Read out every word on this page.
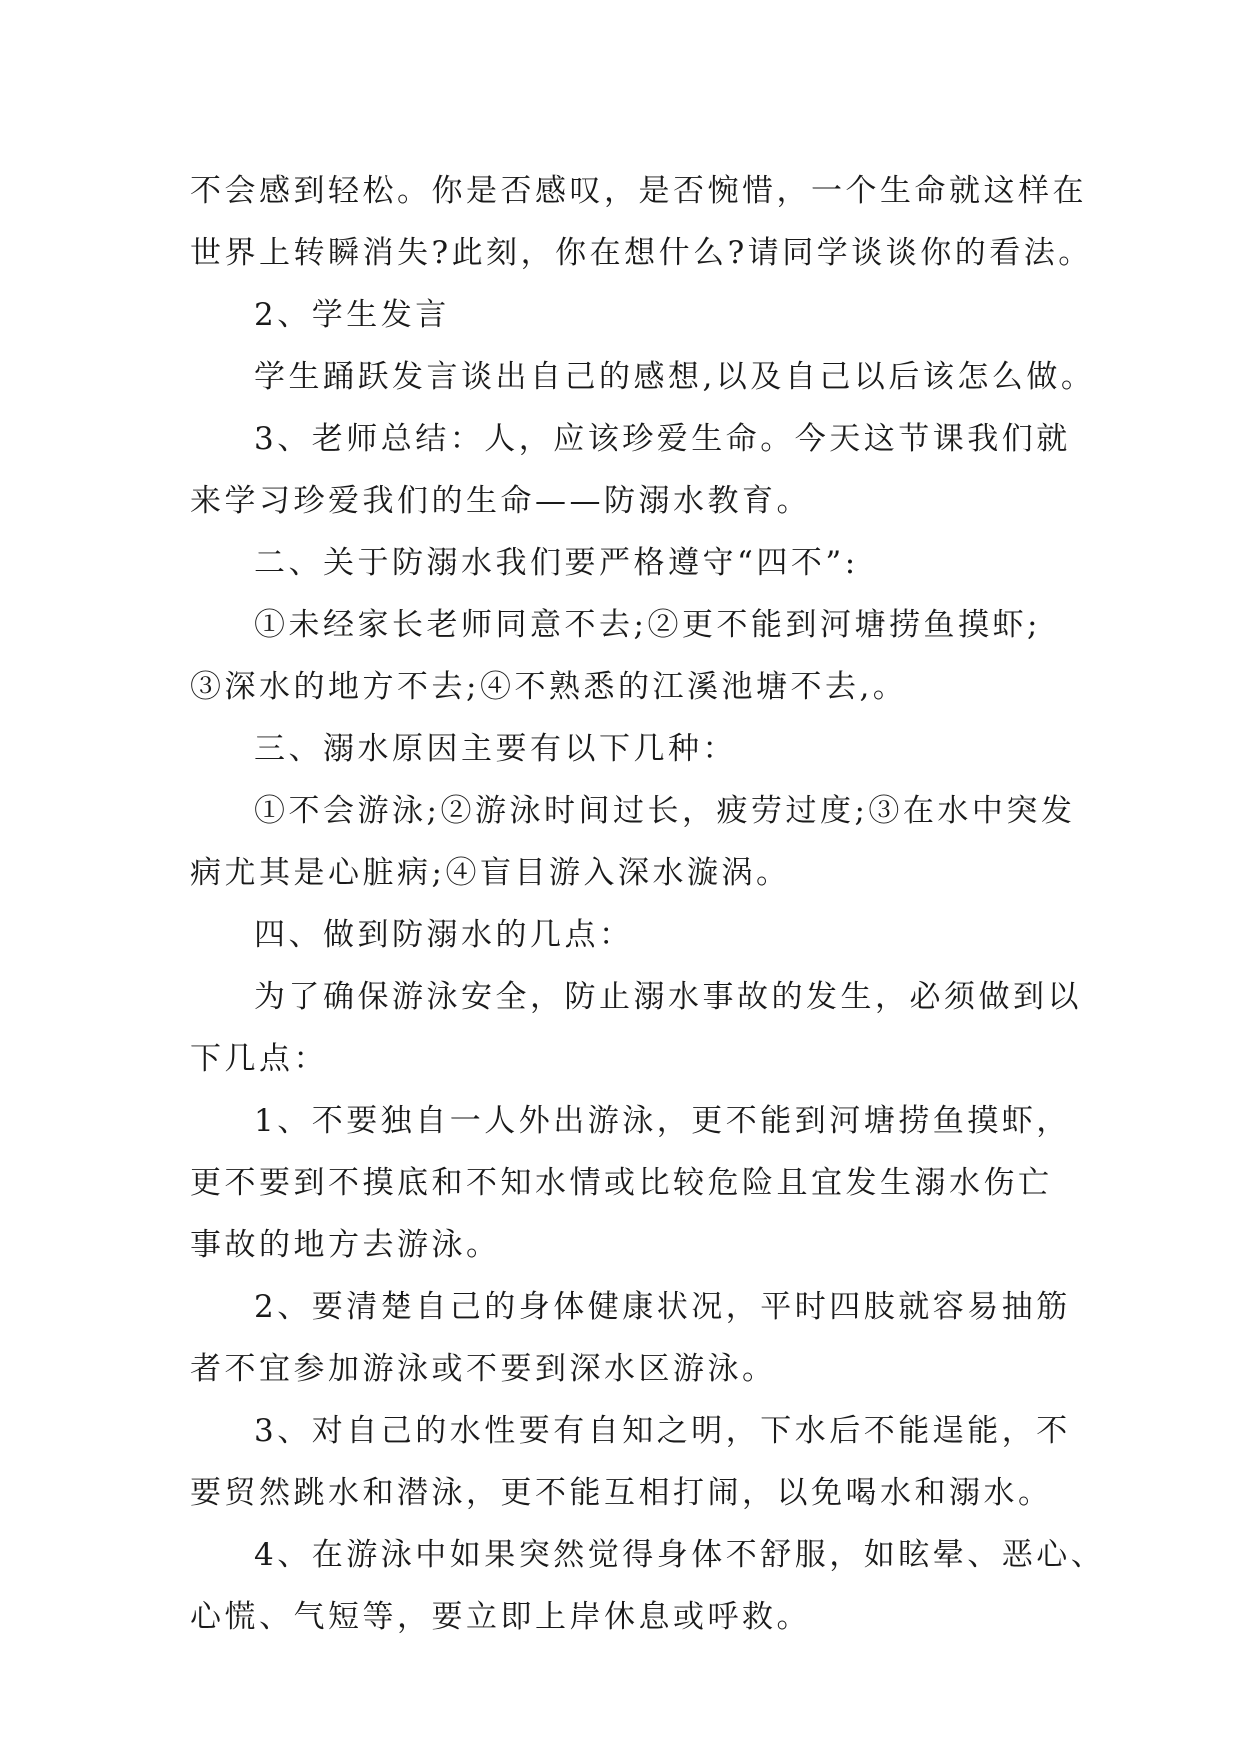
不会感到轻松。你是否感叹，是否惋惜，一个生命就这样在
世界上转瞬消失?此刻，你在想什么?请同学谈谈你的看法。
2、学生发言
学生踊跃发言谈出自己的感想,以及自己以后该怎么做。
3、老师总结：人，应该珍爱生命。今天这节课我们就
来学习珍爱我们的生命——防溺水教育。
二、关于防溺水我们要严格遵守“四不”:
①未经家长老师同意不去;②更不能到河塘捞鱼摸虾;
③深水的地方不去;④不熟悉的江溪池塘不去,。
三、溺水原因主要有以下几种：
①不会游泳;②游泳时间过长，疲劳过度;③在水中突发
病尤其是心脏病;④盲目游入深水漩涡。
四、做到防溺水的几点：
为了确保游泳安全，防止溺水事故的发生，必须做到以
下几点：
1、不要独自一人外出游泳，更不能到河塘捞鱼摸虾，
更不要到不摸底和不知水情或比较危险且宜发生溺水伤亡
事故的地方去游泳。
2、要清楚自己的身体健康状况，平时四肢就容易抽筋
者不宜参加游泳或不要到深水区游泳。
3、对自己的水性要有自知之明，下水后不能逞能，不
要贸然跳水和潜泳，更不能互相打闹，以免喝水和溺水。
4、在游泳中如果突然觉得身体不舒服，如眩晕、恶心、
心慌、气短等，要立即上岸休息或呼救。
